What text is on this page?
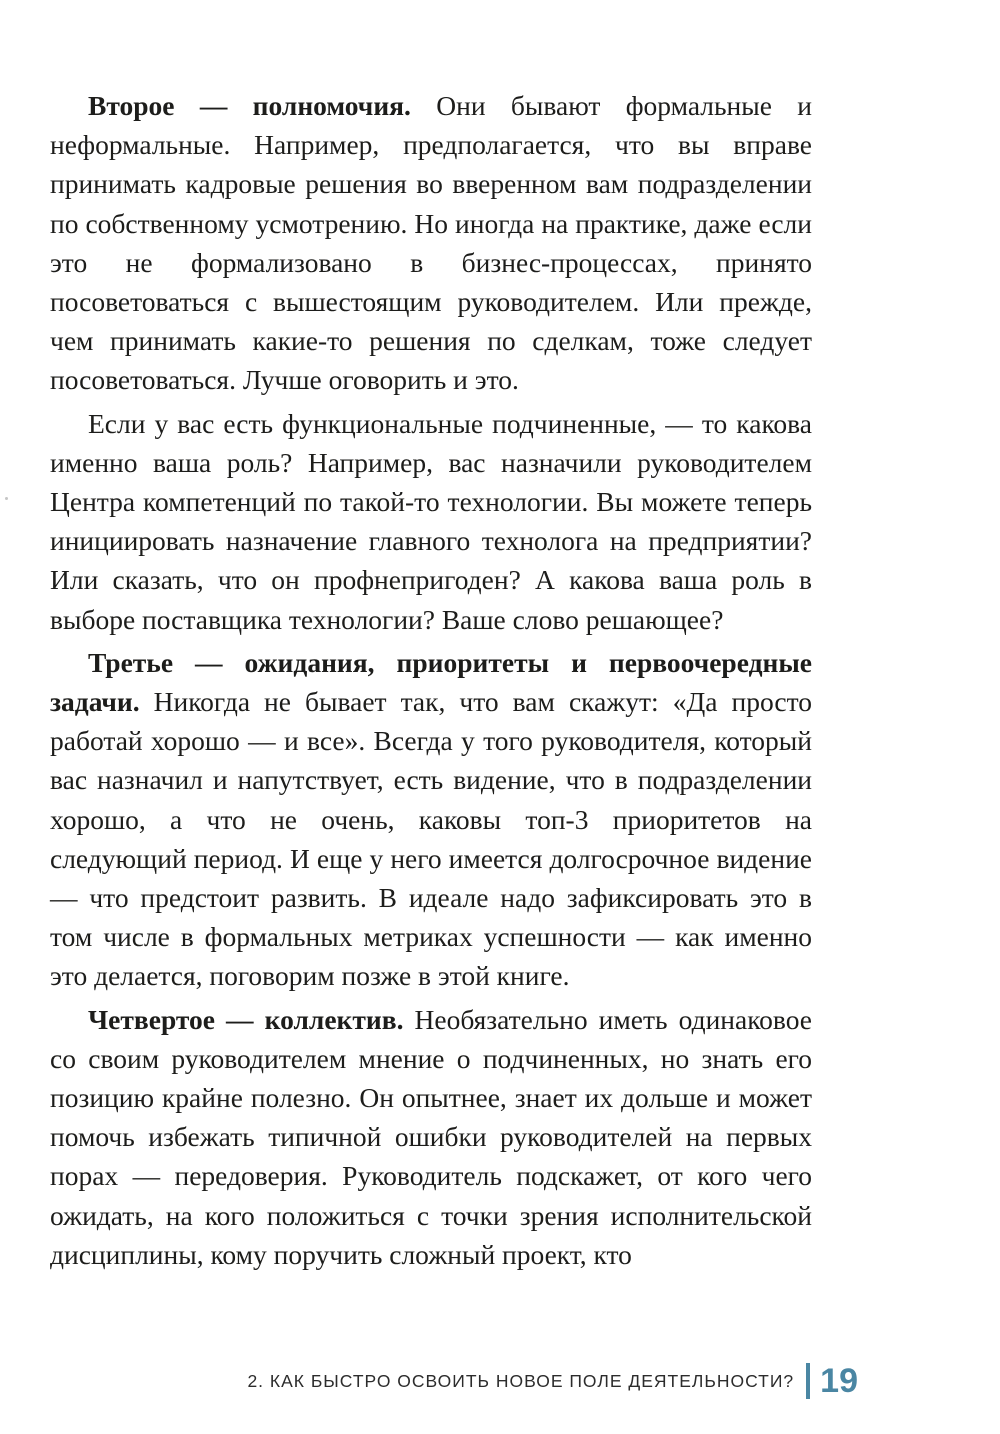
Второе — полномочия. Они бывают формальные и неформальные. Например, предполагается, что вы вправе принимать кадровые решения во вверенном вам подразделении по собственному усмотрению. Но иногда на практике, даже если это не формализовано в бизнес-процессах, принято посоветоваться с вышестоящим руководителем. Или прежде, чем принимать какие-то решения по сделкам, тоже следует посоветоваться. Лучше оговорить и это.

Если у вас есть функциональные подчиненные, — то какова именно ваша роль? Например, вас назначили руководителем Центра компетенций по такой-то технологии. Вы можете теперь инициировать назначение главного технолога на предприятии? Или сказать, что он профнепригоден? А какова ваша роль в выборе поставщика технологии? Ваше слово решающее?

Третье — ожидания, приоритеты и первоочередные задачи. Никогда не бывает так, что вам скажут: «Да просто работай хорошо — и все». Всегда у того руководителя, который вас назначил и напутствует, есть видение, что в подразделении хорошо, а что не очень, каковы топ-3 приоритетов на следующий период. И еще у него имеется долгосрочное видение — что предстоит развить. В идеале надо зафиксировать это в том числе в формальных метриках успешности — как именно это делается, поговорим позже в этой книге.

Четвертое — коллектив. Необязательно иметь одинаковое со своим руководителем мнение о подчиненных, но знать его позицию крайне полезно. Он опытнее, знает их дольше и может помочь избежать типичной ошибки руководителей на первых порах — передоверия. Руководитель подскажет, от кого чего ожидать, на кого положиться с точки зрения исполнительской дисциплины, кому поручить сложный проект, кто

2. КАК БЫСТРО ОСВОИТЬ НОВОЕ ПОЛЕ ДЕЯТЕЛЬНОСТИ? 19
